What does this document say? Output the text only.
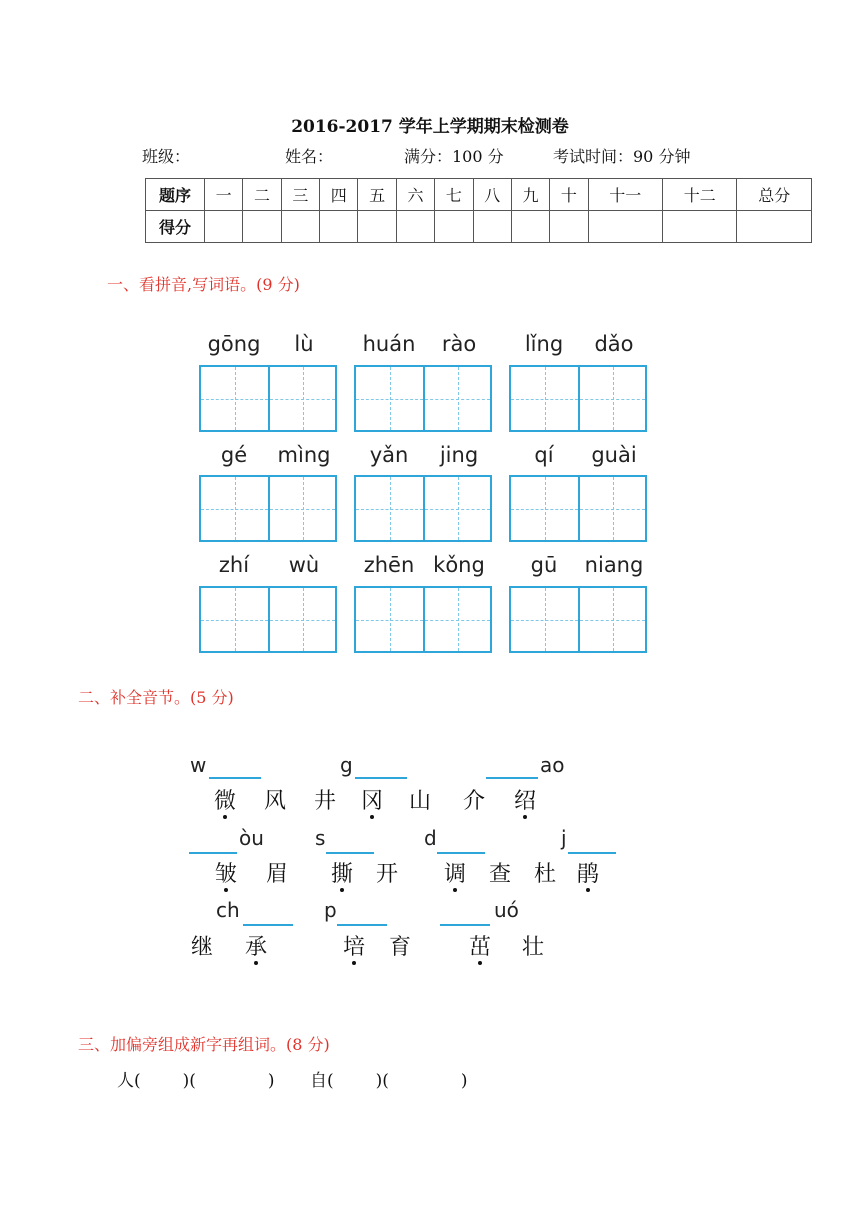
2016-2017 学年上学期期末检测卷
班级：	姓名：	满分：100 分	考试时间：90 分钟
题序	一	二	三	四	五	六	七	八	九	十	十一	十二	总分
得分													
一、看拼音,写词语。(9 分)
gōng	lù	huán	rào	lǐng	dǎo
gé	mìng	yǎn	jing	qí	guài
zhí	wù	zhēn kǒng	gū	niang
二、补全音节。(5 分)
w	g	ao
微 风 井 冈 山 介 绍
òu	s	d	j
皱 眉 撕 开 调 查 杜 鹃
ch	p	uó
继 承	培 育	茁 壮
三、加偏旁组成新字再组词。(8 分)
人( )(	) 自( )(	)
